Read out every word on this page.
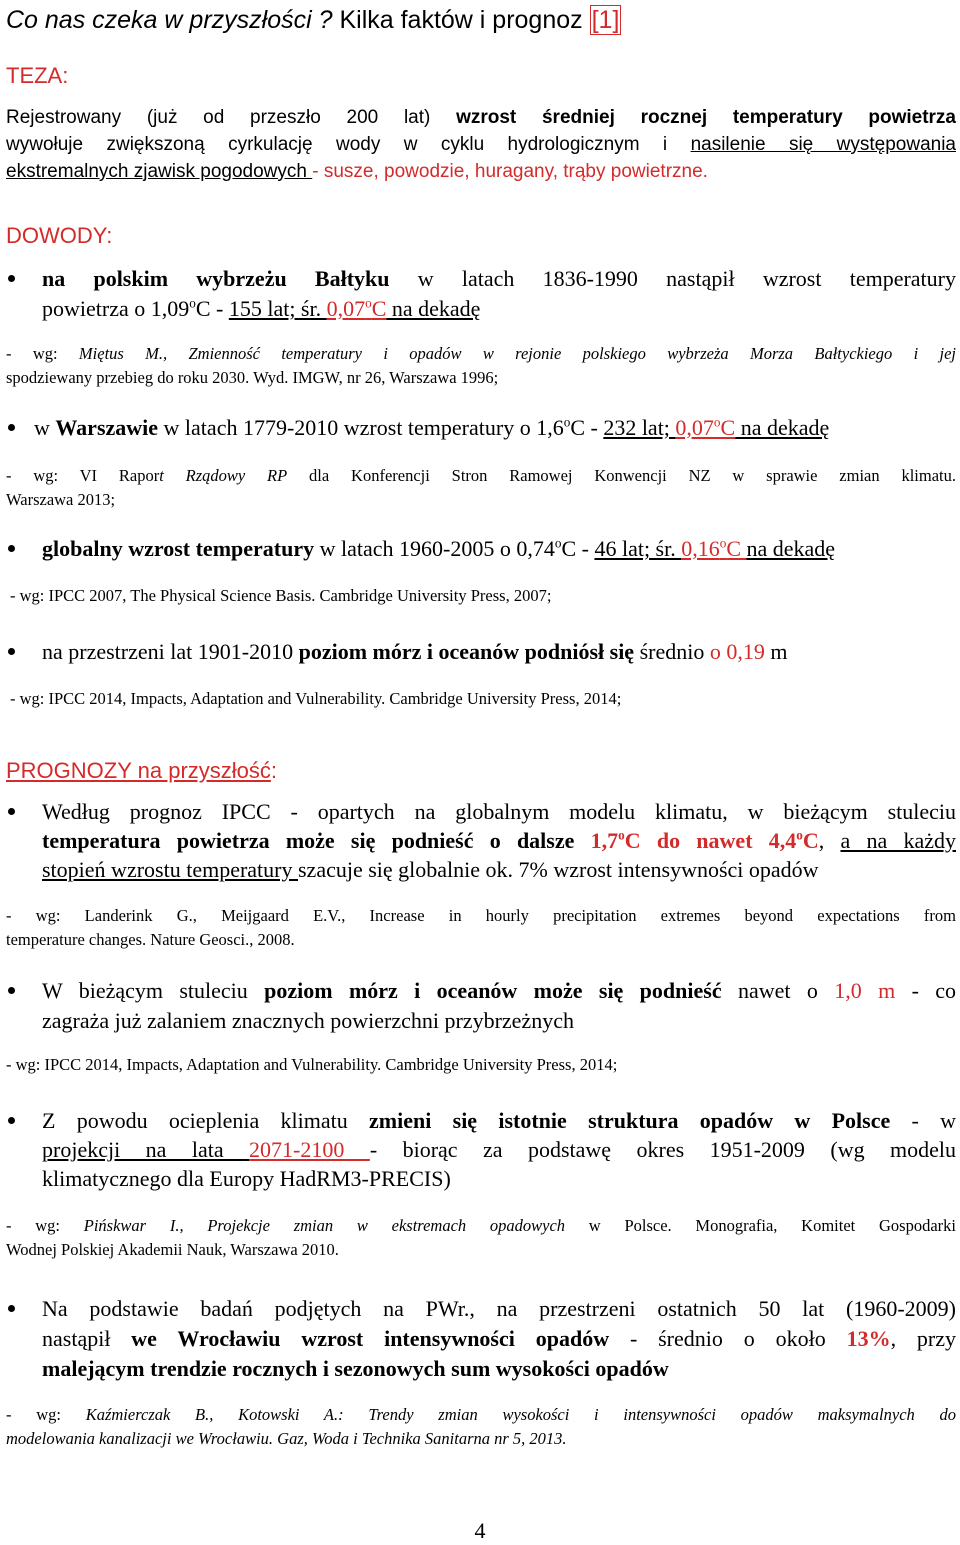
Co nas czeka w przyszłości ? Kilka faktów i prognoz [1]

TEZA:

Rejestrowany (już od przeszło 200 lat) wzrost średniej rocznej temperatury powietrza
wywołuje zwiększoną cyrkulację wody w cyklu hydrologicznym i nasilenie się występowania
ekstremalnych zjawisk pogodowych - susze, powodzie, huragany, trąby powietrzne.

DOWODY:

na polskim wybrzeżu Bałtyku w latach 1836-1990 nastąpił wzrost temperatury
powietrza o 1,09$^o$C - 155 lat; śr. 0,07$^o$C na dekadę
- wg: Miętus M., Zmienność temperatury i opadów w rejonie polskiego wybrzeża Morza Bałtyckiego i jej
spodziewany przebieg do roku 2030. Wyd. IMGW, nr 26, Warszawa 1996;
w Warszawie w latach 1779-2010 wzrost temperatury o 1,6$^o$C - 232 lat; 0,07$^o$C na dekadę
- wg: VI Raport Rządowy RP dla Konferencji Stron Ramowej Konwencji NZ w sprawie zmian klimatu.
Warszawa 2013;
globalny wzrost temperatury w latach 1960-2005 o 0,74$^o$C - 46 lat; śr. 0,16$^o$C na dekadę

- wg: IPCC 2007, The Physical Science Basis. Cambridge University Press, 2007;

na przestrzeni lat 1901-2010 poziom mórz i oceanów podniósł się średnio o 0,19 m

- wg: IPCC 2014, Impacts, Adaptation and Vulnerability. Cambridge University Press, 2014;

PROGNOZY na przyszłość:

Według prognoz IPCC - opartych na globalnym modelu klimatu, w bieżącym stuleciu
temperatura powietrza może się podnieść o dalsze 1,7$^o$C do nawet 4,4$^o$C, a na każdy
stopień wzrostu temperatury szacuje się globalnie ok. 7% wzrost intensywności opadów
- wg: Landerink G., Meijgaard E.V., Increase in hourly precipitation extremes beyond expectations from
temperature changes. Nature Geosci., 2008.
W bieżącym stuleciu poziom mórz i oceanów może się podnieść nawet o 1,0 m - co
zagraża już zalaniem znacznych powierzchni przybrzeżnych

- wg: IPCC 2014, Impacts, Adaptation and Vulnerability. Cambridge University Press, 2014;

Z powodu ocieplenia klimatu zmieni się istotnie struktura opadów w Polsce - w
projekcji na lata 2071-2100 - biorąc za podstawę okres 1951-2009 (wg modelu
klimatycznego dla Europy HadRM3-PRECIS)
- wg: Pińskwar I., Projekcje zmian w ekstremach opadowych w Polsce. Monografia, Komitet Gospodarki
Wodnej Polskiej Akademii Nauk, Warszawa 2010.
Na podstawie badań podjętych na PWr., na przestrzeni ostatnich 50 lat (1960-2009)
nastąpił we Wrocławiu wzrost intensywności opadów - średnio o około 13%, przy
malejącym trendzie rocznych i sezonowych sum wysokości opadów
- wg: Kaźmierczak B., Kotowski A.: Trendy zmian wysokości i intensywności opadów maksymalnych do
modelowania kanalizacji we Wrocławiu. Gaz, Woda i Technika Sanitarna nr 5, 2013.

4
